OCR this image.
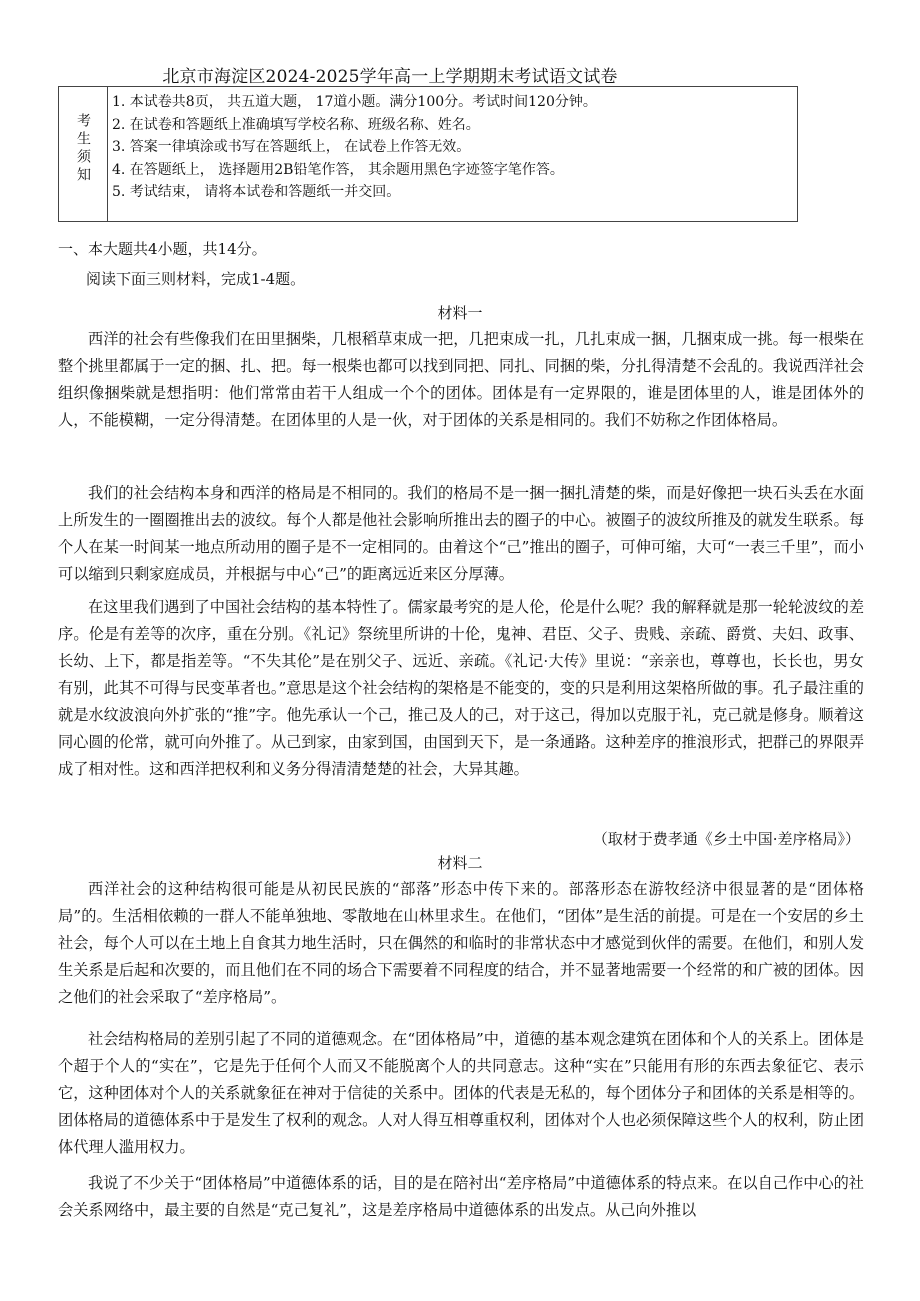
北京市海淀区2024-2025学年高一上学期期末考试语文试卷
考生须知
1. 本试卷共8页， 共五道大题， 17道小题。满分100分。考试时间120分钟。
2. 在试卷和答题纸上准确填写学校名称、班级名称、姓名。
3. 答案一律填涂或书写在答题纸上， 在试卷上作答无效。
4. 在答题纸上， 选择题用2B铅笔作答， 其余题用黑色字迹签字笔作答。
5. 考试结束， 请将本试卷和答题纸一并交回。
一、本大题共4小题，共14分。
阅读下面三则材料，完成1-4题。
材料一

西洋的社会有些像我们在田里捆柴，几根稻草束成一把，几把束成一扎，几扎束成一捆，几捆束成一挑。每一根柴在整个挑里都属于一定的捆、扎、把。每一根柴也都可以找到同把、同扎、同捆的柴，分扎得清楚不会乱的。我说西洋社会组织像捆柴就是想指明：他们常常由若干人组成一个个的团体。团体是有一定界限的，谁是团体里的人，谁是团体外的人，不能模糊，一定分得清楚。在团体里的人是一伙，对于团体的关系是相同的。我们不妨称之作团体格局。

我们的社会结构本身和西洋的格局是不相同的。我们的格局不是一捆一捆扎清楚的柴，而是好像把一块石头丢在水面上所发生的一圈圈推出去的波纹。每个人都是他社会影响所推出去的圈子的中心。被圈子的波纹所推及的就发生联系。每个人在某一时间某一地点所动用的圈子是不一定相同的。由着这个“己”推出的圈子，可伸可缩，大可“一表三千里”，而小可以缩到只剩家庭成员，并根据与中心“己”的距离远近来区分厚薄。

在这里我们遇到了中国社会结构的基本特性了。儒家最考究的是人伦，伦是什么呢？我的解释就是那一轮轮波纹的差序。伦是有差等的次序，重在分别。《礼记》祭统里所讲的十伦，鬼神、君臣、父子、贵贱、亲疏、爵赏、夫妇、政事、长幼、上下，都是指差等。“不失其伦”是在别父子、远近、亲疏。《礼记·大传》里说：“亲亲也，尊尊也，长长也，男女有别，此其不可得与民变革者也。”意思是这个社会结构的架格是不能变的，变的只是利用这架格所做的事。孔子最注重的就是水纹波浪向外扩张的“推”字。他先承认一个己，推己及人的己，对于这己，得加以克服于礼，克己就是修身。顺着这同心圆的伦常，就可向外推了。从己到家，由家到国，由国到天下，是一条通路。这种差序的推浪形式，把群己的界限弄成了相对性。这和西洋把权利和义务分得清清楚楚的社会，大异其趣。

（取材于费孝通《乡土中国·差序格局》）
材料二

西洋社会的这种结构很可能是从初民民族的“部落”形态中传下来的。部落形态在游牧经济中很显著的是“团体格局”的。生活相依赖的一群人不能单独地、零散地在山林里求生。在他们，“团体”是生活的前提。可是在一个安居的乡土社会，每个人可以在土地上自食其力地生活时，只在偶然的和临时的非常状态中才感觉到伙伴的需要。在他们，和别人发生关系是后起和次要的，而且他们在不同的场合下需要着不同程度的结合，并不显著地需要一个经常的和广被的团体。因之他们的社会采取了“差序格局”。

社会结构格局的差别引起了不同的道德观念。在“团体格局”中，道德的基本观念建筑在团体和个人的关系上。团体是个超于个人的“实在”，它是先于任何个人而又不能脱离个人的共同意志。这种“实在”只能用有形的东西去象征它、表示它，这种团体对个人的关系就象征在神对于信徒的关系中。团体的代表是无私的，每个团体分子和团体的关系是相等的。团体格局的道德体系中于是发生了权利的观念。人对人得互相尊重权利，团体对个人也必须保障这些个人的权利，防止团体代理人滥用权力。

我说了不少关于“团体格局”中道德体系的话，目的是在陪衬出“差序格局”中道德体系的特点来。在以自己作中心的社会关系网络中，最主要的自然是“克己复礼”，这是差序格局中道德体系的出发点。从己向外推以
